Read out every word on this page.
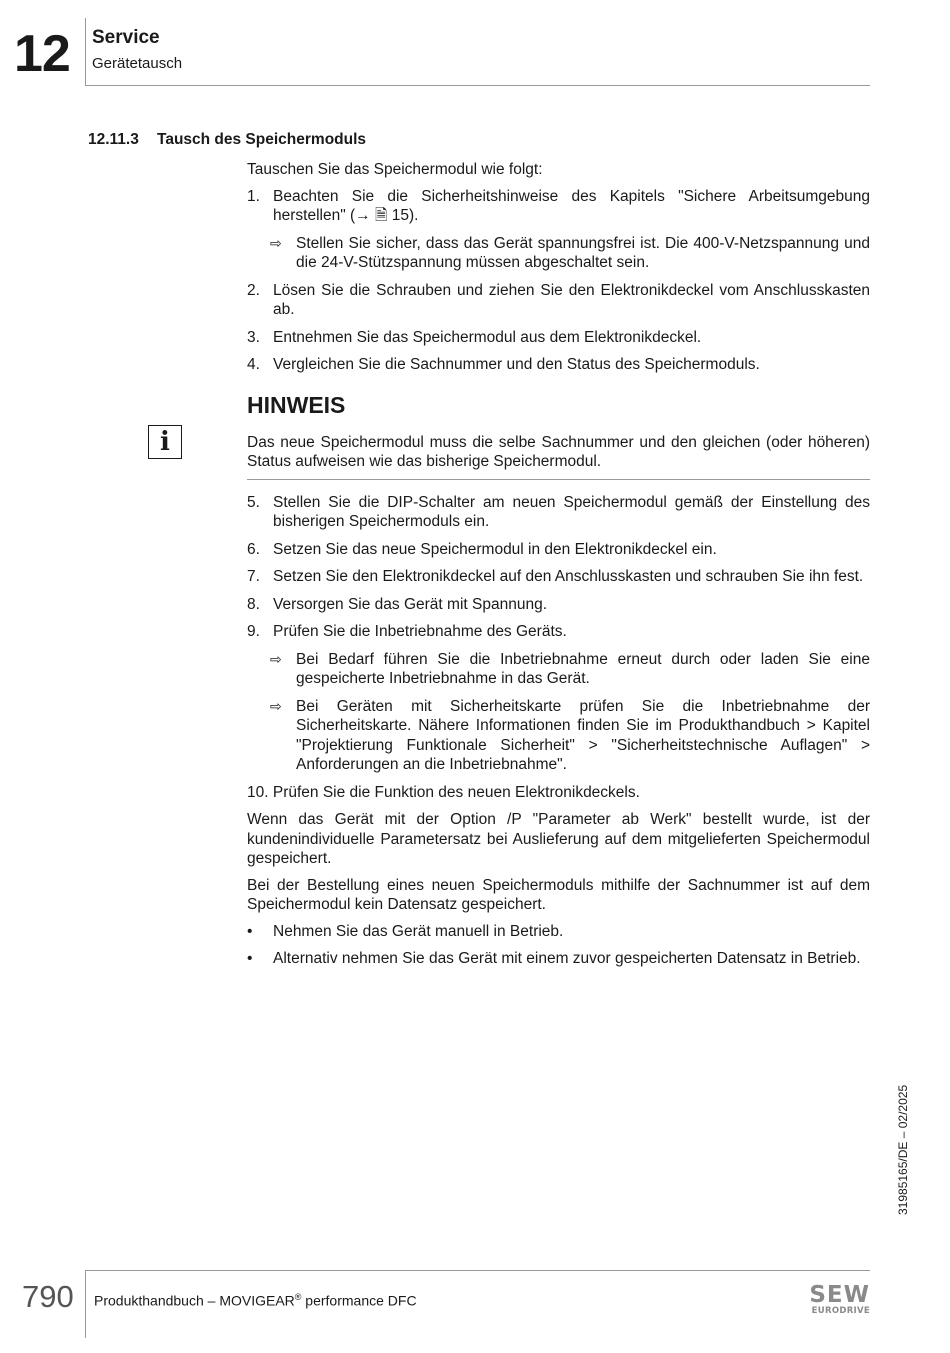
12 Service
Gerätetausch
12.11.3 Tausch des Speichermoduls
i

Tauschen Sie das Speichermodul wie folgt:

1. Beachten Sie die Sicherheitshinweise des Kapitels "Sichere Arbeitsumgebung herstellen" (→ 🗎 15).
⇨ Stellen Sie sicher, dass das Gerät spannungsfrei ist. Die 400-V-Netzspannung und die 24-V-Stützspannung müssen abgeschaltet sein.
2. Lösen Sie die Schrauben und ziehen Sie den Elektronikdeckel vom Anschlusskasten ab.
3. Entnehmen Sie das Speichermodul aus dem Elektronikdeckel.
4. Vergleichen Sie die Sachnummer und den Status des Speichermoduls.
HINWEIS
Das neue Speichermodul muss die selbe Sachnummer und den gleichen (oder höheren) Status aufweisen wie das bisherige Speichermodul.
5. Stellen Sie die DIP-Schalter am neuen Speichermodul gemäß der Einstellung des bisherigen Speichermoduls ein.
6. Setzen Sie das neue Speichermodul in den Elektronikdeckel ein.
7. Setzen Sie den Elektronikdeckel auf den Anschlusskasten und schrauben Sie ihn fest.
8. Versorgen Sie das Gerät mit Spannung.
9. Prüfen Sie die Inbetriebnahme des Geräts.
⇨ Bei Bedarf führen Sie die Inbetriebnahme erneut durch oder laden Sie eine gespeicherte Inbetriebnahme in das Gerät.
⇨ Bei Geräten mit Sicherheitskarte prüfen Sie die Inbetriebnahme der Sicherheitskarte. Nähere Informationen finden Sie im Produkthandbuch > Kapitel "Projektierung Funktionale Sicherheit" > "Sicherheitstechnische Auflagen" > Anforderungen an die Inbetriebnahme".
10. Prüfen Sie die Funktion des neuen Elektronikdeckels.

Wenn das Gerät mit der Option /P "Parameter ab Werk" bestellt wurde, ist der kundenindividuelle Parametersatz bei Auslieferung auf dem mitgelieferten Speichermodul gespeichert.

Bei der Bestellung eines neuen Speichermoduls mithilfe der Sachnummer ist auf dem Speichermodul kein Datensatz gespeichert.

• Nehmen Sie das Gerät manuell in Betrieb.
• Alternativ nehmen Sie das Gerät mit einem zuvor gespeicherten Datensatz in Betrieb.
31985165/DE – 02/2025
790 Produkthandbuch – MOVIGEAR® performance DFC	SEW
EURODRIVE
